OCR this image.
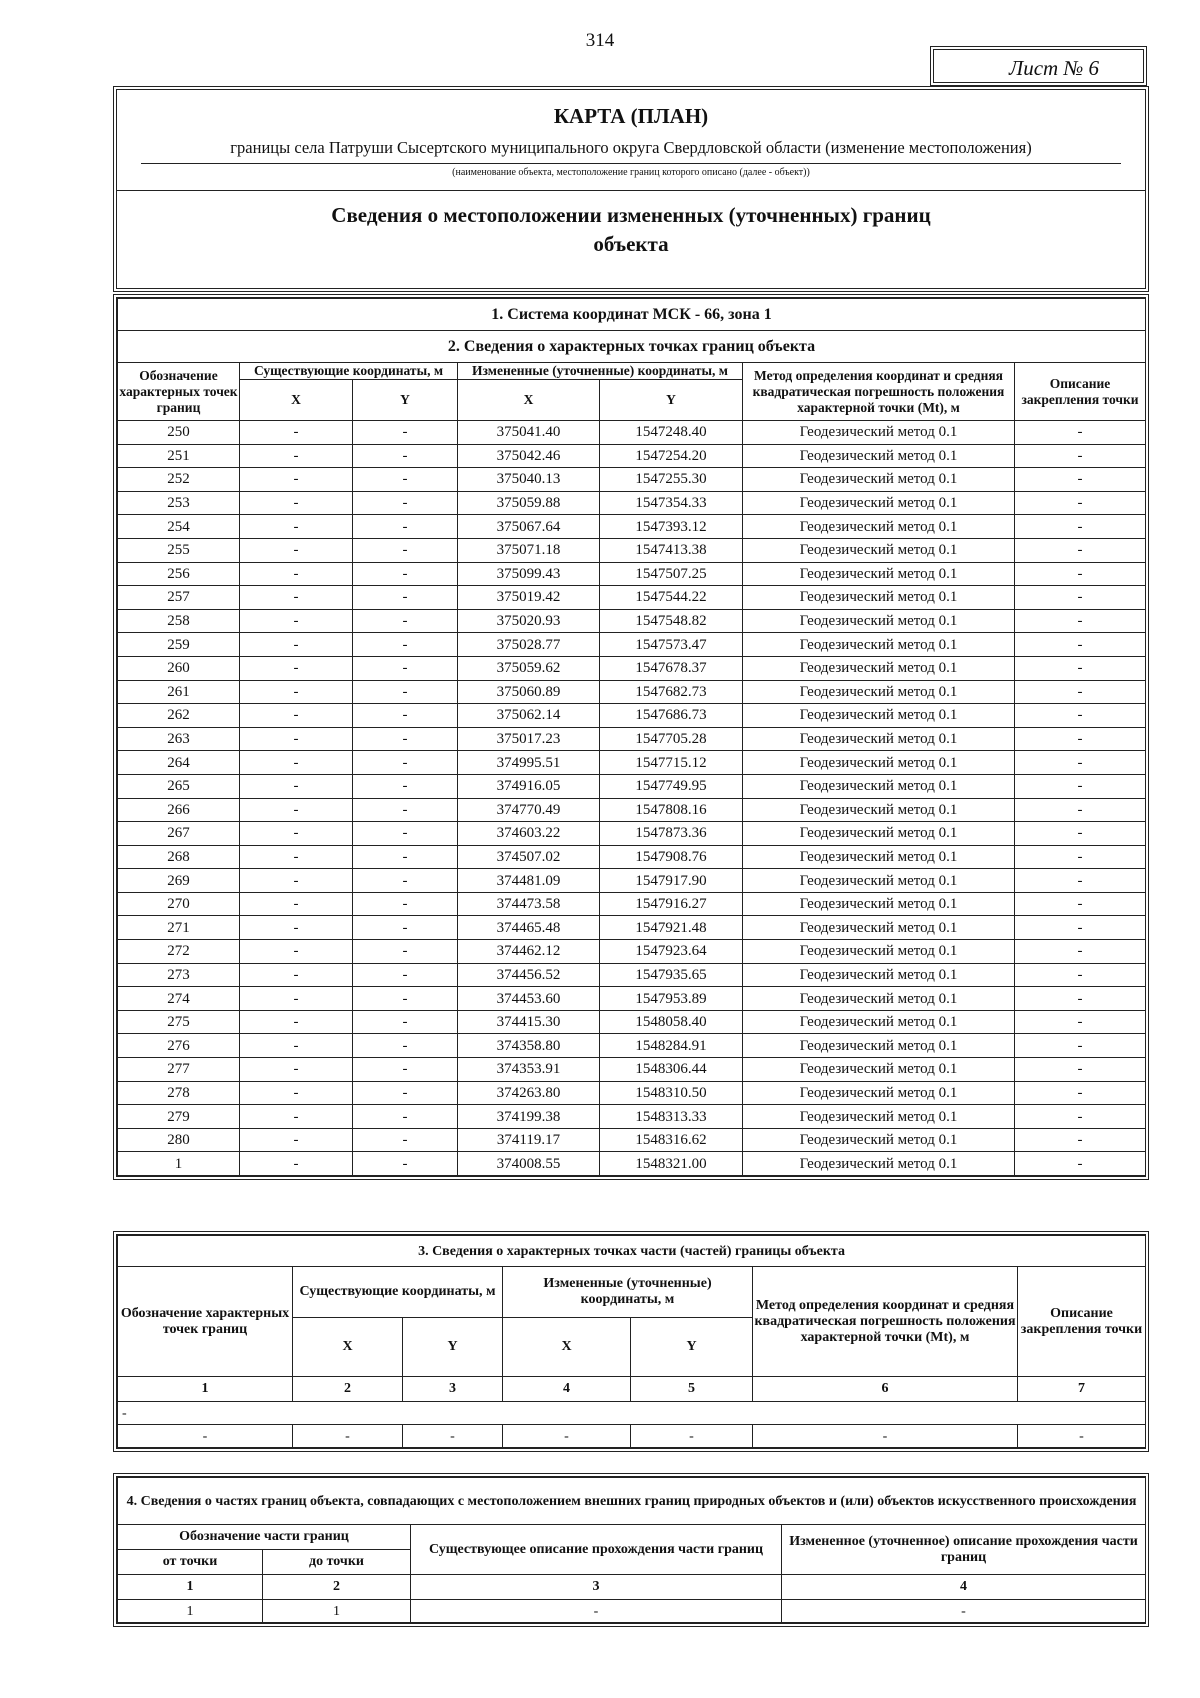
314
Лист № 6
КАРТА (ПЛАН)
границы села Патруши Сысертского муниципального округа Свердловской области (изменение местоположения)
(наименование объекта, местоположение границ которого описано (далее - объект))
Сведения о местоположении измененных (уточненных) границ объекта
1. Система координат МСК - 66, зона 1						
2. Сведения о характерных точках границ объекта						
Обозначение характерных точек границ	Существующие координаты, м		Измененные (уточненные) координаты, м		Метод определения координат и средняя квадратическая погрешность положения характерной точки (Mt), м	Описание закрепления точки
	X	Y	X	Y		
250	-	-	375041.40	1547248.40	Геодезический метод 0.1	-
251	-	-	375042.46	1547254.20	Геодезический метод 0.1	-
252	-	-	375040.13	1547255.30	Геодезический метод 0.1	-
253	-	-	375059.88	1547354.33	Геодезический метод 0.1	-
254	-	-	375067.64	1547393.12	Геодезический метод 0.1	-
255	-	-	375071.18	1547413.38	Геодезический метод 0.1	-
256	-	-	375099.43	1547507.25	Геодезический метод 0.1	-
257	-	-	375019.42	1547544.22	Геодезический метод 0.1	-
258	-	-	375020.93	1547548.82	Геодезический метод 0.1	-
259	-	-	375028.77	1547573.47	Геодезический метод 0.1	-
260	-	-	375059.62	1547678.37	Геодезический метод 0.1	-
261	-	-	375060.89	1547682.73	Геодезический метод 0.1	-
262	-	-	375062.14	1547686.73	Геодезический метод 0.1	-
263	-	-	375017.23	1547705.28	Геодезический метод 0.1	-
264	-	-	374995.51	1547715.12	Геодезический метод 0.1	-
265	-	-	374916.05	1547749.95	Геодезический метод 0.1	-
266	-	-	374770.49	1547808.16	Геодезический метод 0.1	-
267	-	-	374603.22	1547873.36	Геодезический метод 0.1	-
268	-	-	374507.02	1547908.76	Геодезический метод 0.1	-
269	-	-	374481.09	1547917.90	Геодезический метод 0.1	-
270	-	-	374473.58	1547916.27	Геодезический метод 0.1	-
271	-	-	374465.48	1547921.48	Геодезический метод 0.1	-
272	-	-	374462.12	1547923.64	Геодезический метод 0.1	-
273	-	-	374456.52	1547935.65	Геодезический метод 0.1	-
274	-	-	374453.60	1547953.89	Геодезический метод 0.1	-
275	-	-	374415.30	1548058.40	Геодезический метод 0.1	-
276	-	-	374358.80	1548284.91	Геодезический метод 0.1	-
277	-	-	374353.91	1548306.44	Геодезический метод 0.1	-
278	-	-	374263.80	1548310.50	Геодезический метод 0.1	-
279	-	-	374199.38	1548313.33	Геодезический метод 0.1	-
280	-	-	374119.17	1548316.62	Геодезический метод 0.1	-
1	-	-	374008.55	1548321.00	Геодезический метод 0.1	-
3. Сведения о характерных точках части (частей) границы объекта						
Обозначение характерных точек границ	Существующие координаты, м		Измененные (уточненные) координаты, м		Метод определения координат и средняя квадратическая погрешность положения характерной точки (Mt), м	Описание закрепления точки
	X	Y	X	Y		
1	2	3	4	5	6	7
-						
-	-	-	-	-	-	-
4. Сведения о частях границ объекта, совпадающих с местоположением внешних границ природных объектов и (или) объектов искусственного происхождения			
Обозначение части границ		Существующее описание прохождения части границ	Измененное (уточненное) описание прохождения части границ
от точки	до точки		
1	2	3	4
1	1	-	-
